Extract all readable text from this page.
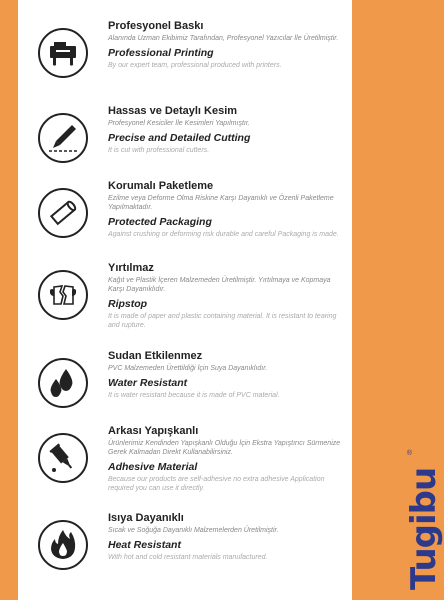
Profesyonel Baskı
Alanında Uzman Ekibimiz Tarafından, Profesyonel Yazıcılar İle Üretilmiştir.
Professional Printing
By our expert team, professional produced with printers.
Hassas ve Detaylı Kesim
Profesyonel Kesiciler İle Kesimleri Yapılmıştır.
Precise and Detailed Cutting
It is cut with professional cutters.
Korumalı Paketleme
Ezilme veya Deforme Olma Riskine Karşı Dayanıklı ve Özenli Paketleme Yapılmaktadır.
Protected Packaging
Against crushing or deforming risk durable and careful Packaging is made.
Yırtılmaz
Kağıt ve Plastik İçeren Malzemeden Üretilmiştir. Yırtılmaya ve Kopmaya Karşı Dayanıklıdır.
Ripstop
It is made of paper and plastic containing material. It is resistant to tearing and rupture.
Sudan Etkilenmez
PVC Malzemeden Ürettildiği İçin Suya Dayanıklıdır.
Water Resistant
It is water resistant because it is made of PVC material.
Arkası Yapışkanlı
Ürünlerimiz Kendinden Yapışkanlı Olduğu İçin Ekstra Yapıştırıcı Sürmenize Gerek Kalmadan Direkt Kullanabilirsiniz.
Adhesive Material
Because our products are self-adhesive no extra adhesive Application required you can use it directly.
Isıya Dayanıklı
Sıcak ve Soğuğa Dayanıklı Malzemelerden Üretilmiştir.
Heat Resistant
With hot and cold resistant materials manufactured.	Tugibu
®
